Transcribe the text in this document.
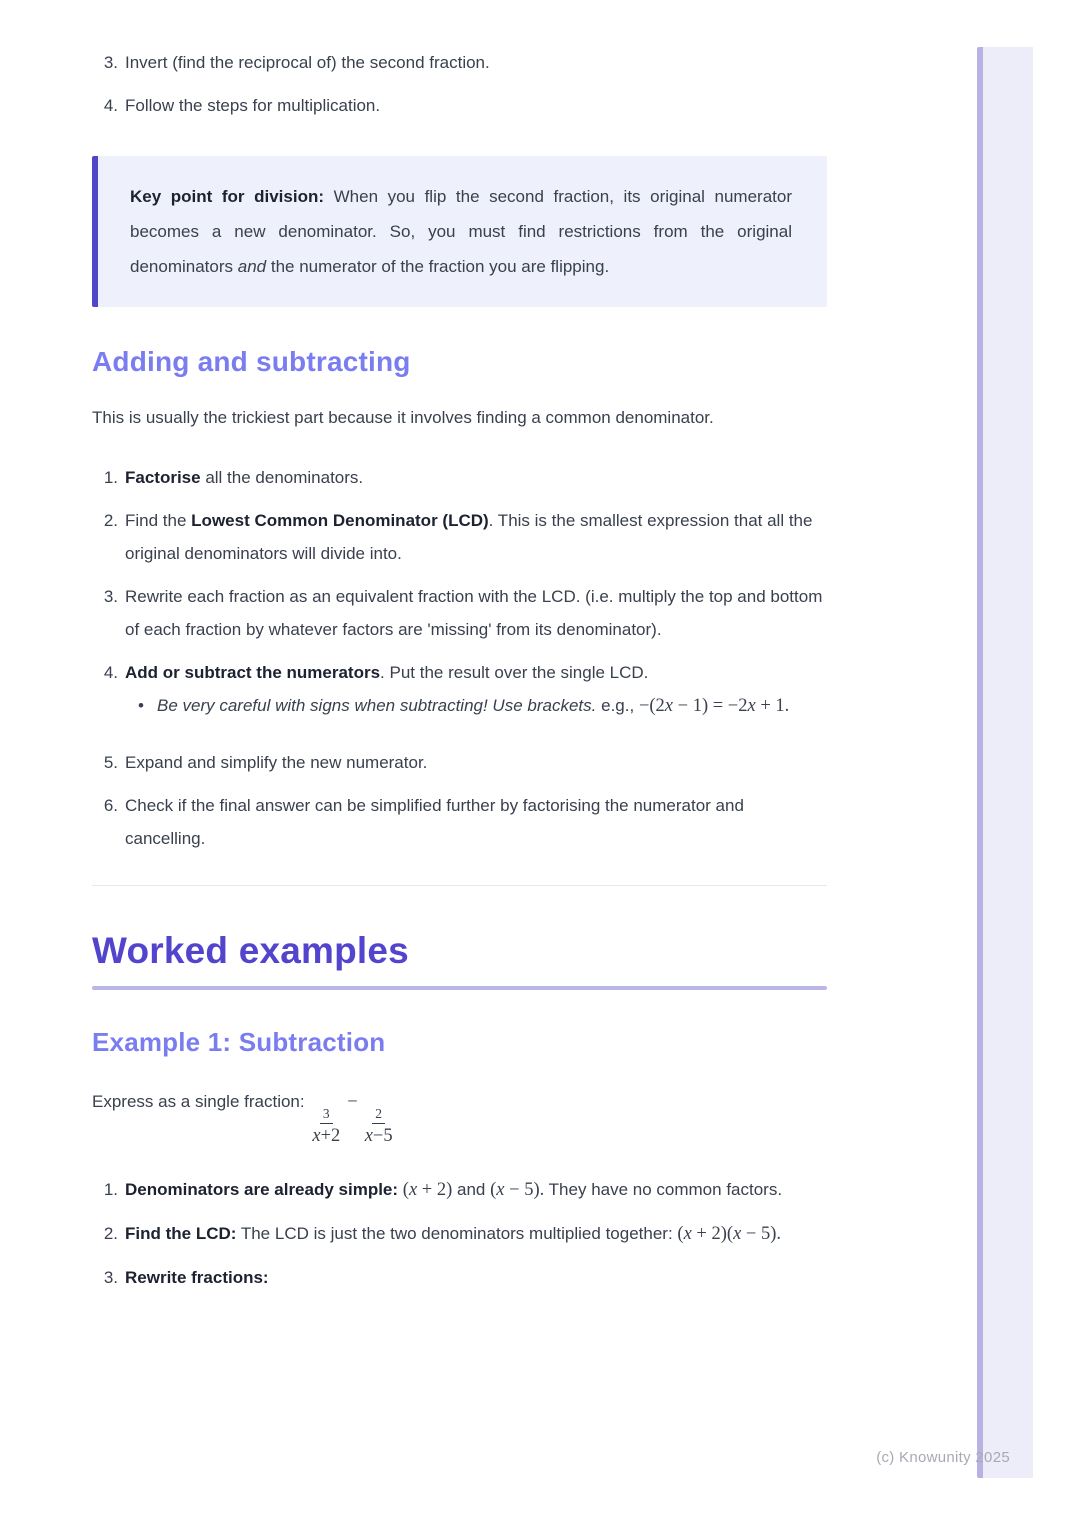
3. Invert (find the reciprocal of) the second fraction.
4. Follow the steps for multiplication.
Key point for division: When you flip the second fraction, its original numerator becomes a new denominator. So, you must find restrictions from the original denominators and the numerator of the fraction you are flipping.
Adding and subtracting

This is usually the trickiest part because it involves finding a common denominator.

1. Factorise all the denominators.
2. Find the Lowest Common Denominator (LCD). This is the smallest expression that all the original denominators will divide into.
3. Rewrite each fraction as an equivalent fraction with the LCD. (i.e. multiply the top and bottom of each fraction by whatever factors are 'missing' from its denominator).
4. Add or subtract the numerators. Put the result over the single LCD.
• Be very careful with signs when subtracting! Use brackets. e.g., −(2x − 1) = −2x + 1.
5. Expand and simplify the new numerator.
6. Check if the final answer can be simplified further by factorising the numerator and cancelling.
Worked examples
Example 1: Subtraction

Express as a single fraction:
$\frac{3}{x+2}$
−
$\frac{2}{x-5}$

1. Denominators are already simple: (x + 2) and (x − 5). They have no common factors.
2. Find the LCD: The LCD is just the two denominators multiplied together: (x + 2)(x − 5).
3. Rewrite fractions:
(c) Knowunity 2025
